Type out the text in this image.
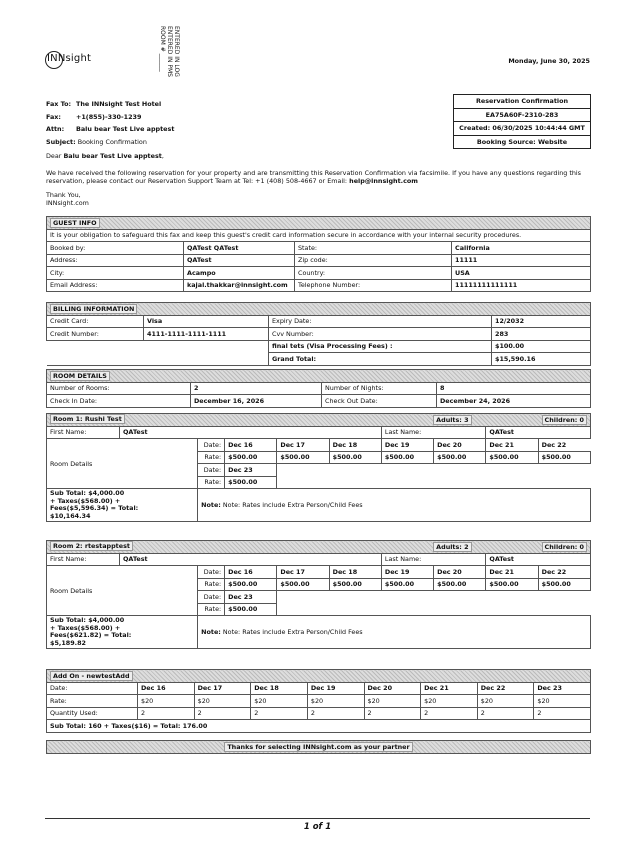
INNsight	ENTERED IN LOG
ENTERED IN PMS
ROOM # ______	Monday, June 30, 2025
Fax To: The INNsight Test Hotel
Fax: +1(855)-330-1239
Attn: Balu bear Test Live apptest
Subject: Booking Confirmation
Reservation Confirmation
EA75A60F-2310-283
Created: 06/30/2025 10:44:44 GMT
Booking Source: Website
Dear Balu bear Test Live apptest,
We have received the following reservation for your property and are transmitting this Reservation Confirmation via facsimile. If you have any questions regarding this reservation, please contact our Reservation Support Team at Tel: +1 (408) 508-4667 or Email: help@innsight.com
Thank You,
INNsight.com
GUEST INFO			
It is your obligation to safeguard this fax and keep this guest's credit card information secure in accordance with your internal security procedures.			
Booked by:	QATest QATest	State:	California
Address:	QATest	Zip code:	11111
City:	Acampo	Country:	USA
Email Address:	kajal.thakkar@innsight.com	Telephone Number:	11111111111111
BILLING INFORMATION			
Credit Card:	Visa	Expiry Date:	12/2032
Credit Number:	4111-1111-1111-1111	Cvv Number:	283
		final tets (Visa Processing Fees) :	$100.00
		Grand Total:	$15,590.16
ROOM DETAILS			
Number of Rooms:	2	Number of Nights:	8
Check In Date:	December 16, 2026	Check Out Date:	December 24, 2026
Room 1: Rushi Test Children: 0
Adults: 3									

First Name:	QATest					Last Name:		QATest	
Room Details		Date:	Dec 16	Dec 17	Dec 18	Dec 19	Dec 20	Dec 21	Dec 22
		Rate:	$500.00	$500.00	$500.00	$500.00	$500.00	$500.00	$500.00
		Date:	Dec 23						
		Rate:	$500.00						
Sub Total: $4,000.00
+ Taxes($568.00) +
Fees($5,596.34) = Total:
$10,164.34		Note: Note: Rates include Extra Person/Child Fees							
Room 2: rtestapptest Children: 0
Adults: 2									

First Name:	QATest					Last Name:		QATest	
Room Details		Date:	Dec 16	Dec 17	Dec 18	Dec 19	Dec 20	Dec 21	Dec 22
		Rate:	$500.00	$500.00	$500.00	$500.00	$500.00	$500.00	$500.00
		Date:	Dec 23						
		Rate:	$500.00						
Sub Total: $4,000.00
+ Taxes($568.00) +
Fees($621.82) = Total:
$5,189.82		Note: Note: Rates include Extra Person/Child Fees							
Add On - newtestAdd								
Date:	Dec 16	Dec 17	Dec 18	Dec 19	Dec 20	Dec 21	Dec 22	Dec 23
Rate:	$20	$20	$20	$20	$20	$20	$20	$20
Quantity Used:	2	2	2	2	2	2	2	2
Sub Total: 160 + Taxes($16) = Total: 176.00								
Thanks for selecting INNsight.com as your partner
1 of 1
